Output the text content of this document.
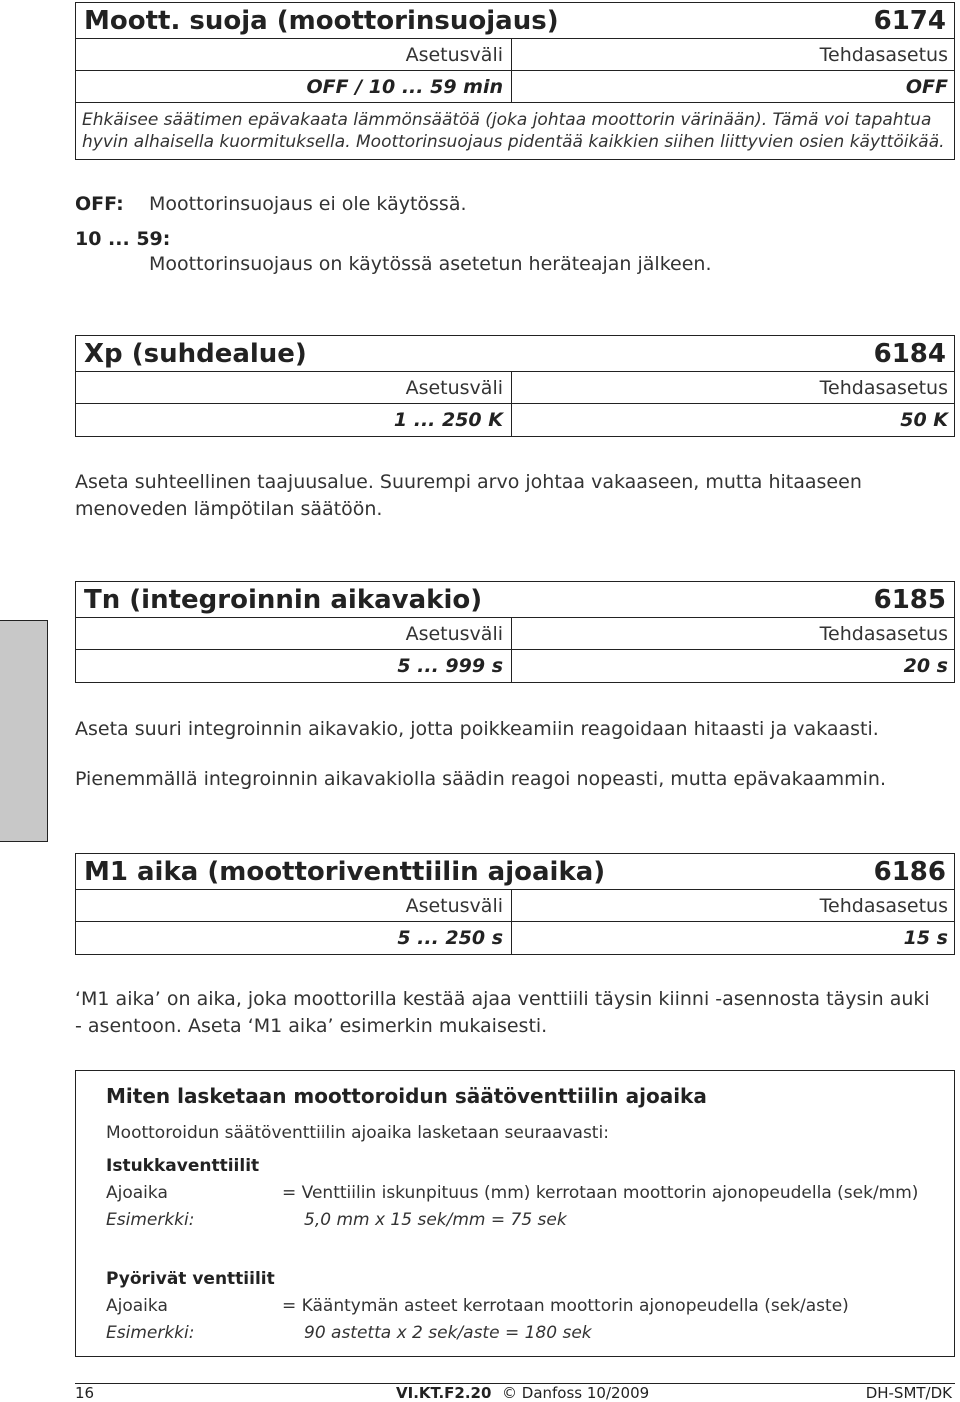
Moott. suoja (moottorinsuojaus)	6174
Asetusväli	Tehdasasetus
OFF / 10 ... 59 min	OFF
Ehkäisee säätimen epävakaata lämmönsäätöä (joka johtaa moottorin värinään). Tämä voi tapahtua
hyvin alhaisella kuormituksella. Moottorinsuojaus pidentää kaikkien siihen liittyvien osien käyttöikää.
OFF: Moottorinsuojaus ei ole käytössä.
10 ... 59:
Moottorinsuojaus on käytössä asetetun heräteajan jälkeen.
Xp (suhdealue)	6184
Asetusväli	Tehdasasetus
1 ... 250 K	50 K
Aseta suhteellinen taajuusalue. Suurempi arvo johtaa vakaaseen, mutta hitaaseen
menoveden lämpötilan säätöön.
Tn (integroinnin aikavakio)	6185
Asetusväli	Tehdasasetus
5 ... 999 s	20 s
Aseta suuri integroinnin aikavakio, jotta poikkeamiin reagoidaan hitaasti ja vakaasti.
Pienemmällä integroinnin aikavakiolla säädin reagoi nopeasti, mutta epävakaammin.
M1 aika (moottoriventtiilin ajoaika)	6186
Asetusväli	Tehdasasetus
5 ... 250 s	15 s
‘M1 aika’ on aika, joka moottorilla kestää ajaa venttiili täysin kiinni -asennosta täysin auki
- asentoon. Aseta ‘M1 aika’ esimerkin mukaisesti.
Miten lasketaan moottoroidun säätöventtiilin ajoaika
Moottoroidun säätöventtiilin ajoaika lasketaan seuraavasti:
Istukkaventtiilit
Ajoaika	= Venttiilin iskunpituus (mm) kerrotaan moottorin ajonopeudella (sek/mm)
Esimerkki:	5,0 mm x 15 sek/mm = 75 sek
Pyörivät venttiilit
Ajoaika	= Kääntymän asteet kerrotaan moottorin ajonopeudella (sek/aste)
Esimerkki:	90 astetta x 2 sek/aste = 180 sek
16	VI.KT.F2.20 © Danfoss 10/2009	DH-SMT/DK
